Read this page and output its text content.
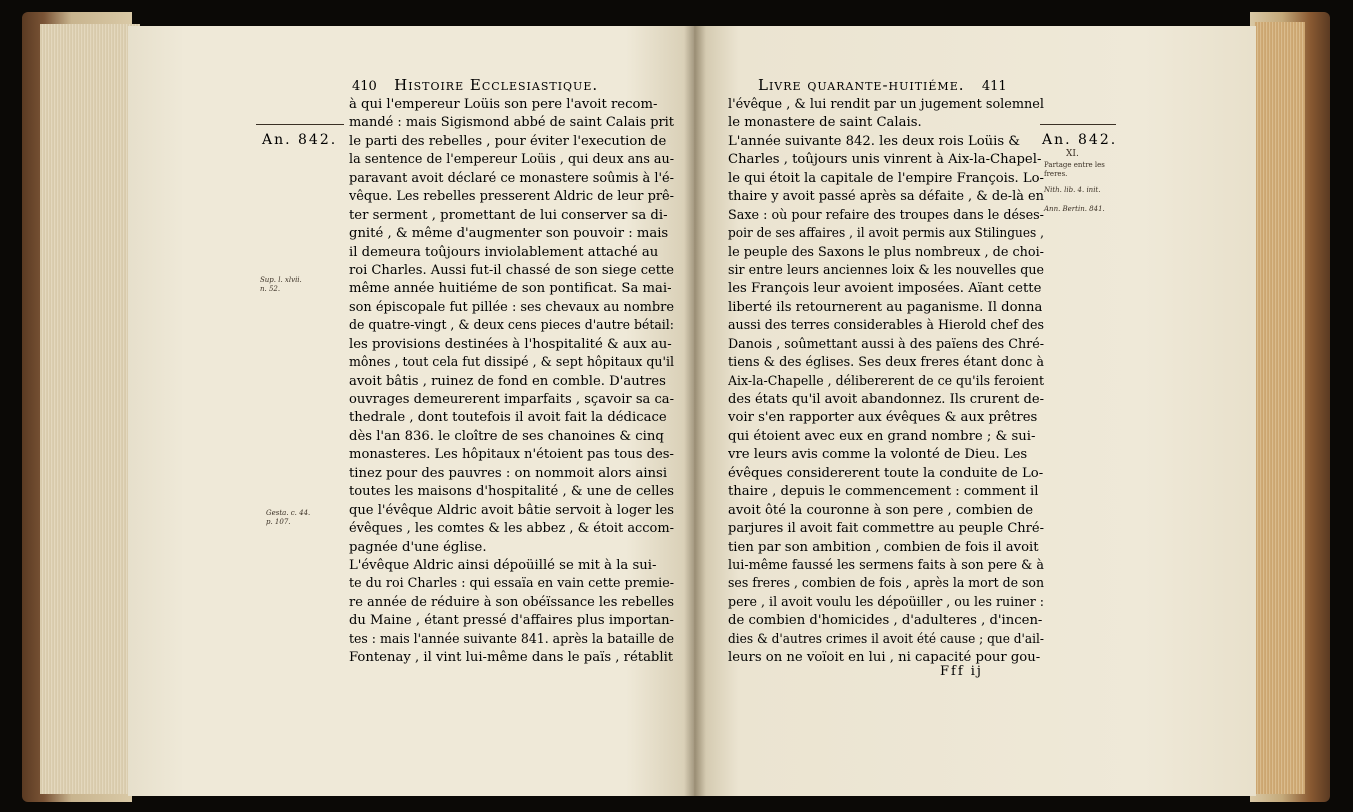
410 Histoire Ecclesiastique.
An. 842.
Sup. l. xlvii.
n. 52.
Gesta. c. 44.
p. 107.
à qui l'empereur Loüis son pere l'avoit recom-
mandé : mais Sigismond abbé de saint Calais prit
le parti des rebelles , pour éviter l'execution de
la sentence de l'empereur Loüis , qui deux ans au-
paravant avoit déclaré ce monastere soûmis à l'é-
vêque. Les rebelles presserent Aldric de leur prê-
ter serment , promettant de lui conserver sa di-
gnité , & même d'augmenter son pouvoir : mais
il demeura toûjours inviolablement attaché au
roi Charles. Aussi fut-il chassé de son siege cette
même année huitiéme de son pontificat. Sa mai-
son épiscopale fut pillée : ses chevaux au nombre
de quatre-vingt , & deux cens pieces d'autre bétail:
les provisions destinées à l'hospitalité & aux au-
mônes , tout cela fut dissipé , & sept hôpitaux qu'il
avoit bâtis , ruinez de fond en comble. D'autres
ouvrages demeurerent imparfaits , sçavoir sa ca-
thedrale , dont toutefois il avoit fait la dédicace
dès l'an 836. le cloître de ses chanoines & cinq
monasteres. Les hôpitaux n'étoient pas tous des-
tinez pour des pauvres : on nommoit alors ainsi
toutes les maisons d'hospitalité , & une de celles
que l'évêque Aldric avoit bâtie servoit à loger les
évêques , les comtes & les abbez , & étoit accom-
pagnée d'une église.
L'évêque Aldric ainsi dépoüillé se mit à la sui-
te du roi Charles : qui essaïa en vain cette premie-
re année de réduire à son obéïssance les rebelles
du Maine , étant pressé d'affaires plus importan-
tes : mais l'année suivante 841. après la bataille de
Fontenay , il vint lui-même dans le païs , rétablit
Livre quarante-huitiéme. 411
An. 842.
XI.
Partage entre les
freres.
Nith. lib. 4. init.
Ann. Bertin. 841.
l'évêque , & lui rendit par un jugement solemnel
le monastere de saint Calais.
L'année suivante 842. les deux rois Loüis &
Charles , toûjours unis vinrent à Aix-la-Chapel-
le qui étoit la capitale de l'empire François. Lo-
thaire y avoit passé après sa défaite , & de-là en
Saxe : où pour refaire des troupes dans le déses-
poir de ses affaires , il avoit permis aux Stilingues ,
le peuple des Saxons le plus nombreux , de choi-
sir entre leurs anciennes loix & les nouvelles que
les François leur avoient imposées. Aïant cette
liberté ils retournerent au paganisme. Il donna
aussi des terres considerables à Hierold chef des
Danois , soûmettant aussi à des païens des Chré-
tiens & des églises. Ses deux freres étant donc à
Aix-la-Chapelle , délibererent de ce qu'ils feroient
des états qu'il avoit abandonnez. Ils crurent de-
voir s'en rapporter aux évêques & aux prêtres
qui étoient avec eux en grand nombre ; & sui-
vre leurs avis comme la volonté de Dieu. Les
évêques considererent toute la conduite de Lo-
thaire , depuis le commencement : comment il
avoit ôté la couronne à son pere , combien de
parjures il avoit fait commettre au peuple Chré-
tien par son ambition , combien de fois il avoit
lui-même faussé les sermens faits à son pere & à
ses freres , combien de fois , après la mort de son
pere , il avoit voulu les dépoüiller , ou les ruiner :
de combien d'homicides , d'adulteres , d'incen-
dies & d'autres crimes il avoit été cause ; que d'ail-
leurs on ne voïoit en lui , ni capacité pour gou-
Fff ij
